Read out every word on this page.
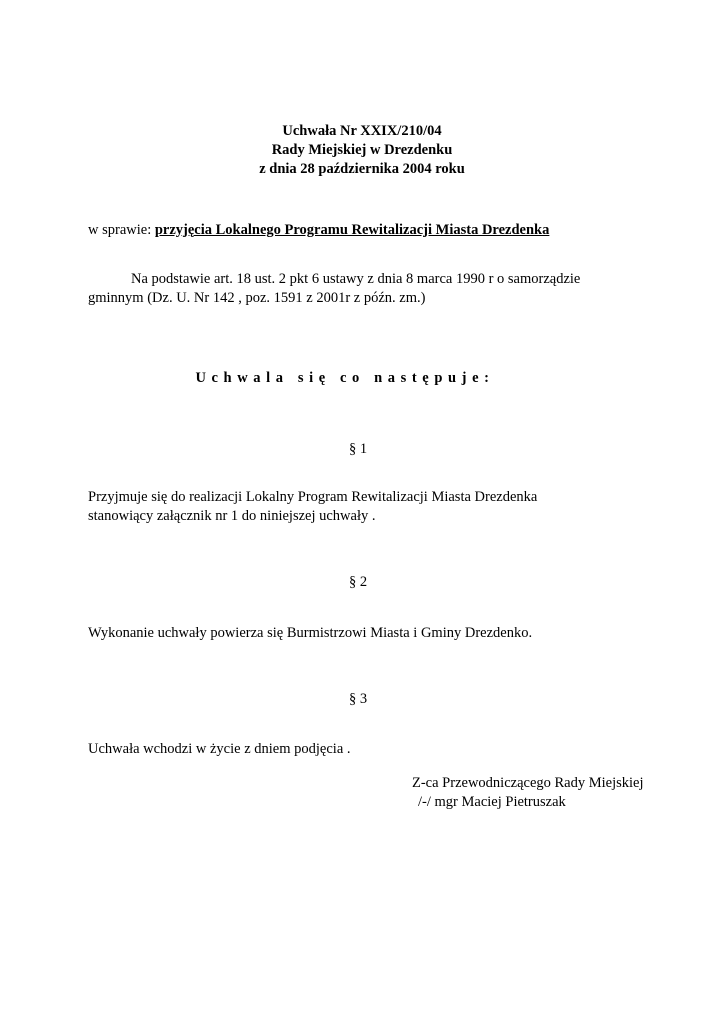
Uchwała Nr XXIX/210/04
Rady Miejskiej w Drezdenku
z dnia 28 października 2004 roku
w sprawie: przyjęcia Lokalnego Programu Rewitalizacji Miasta Drezdenka
Na podstawie art. 18 ust. 2 pkt 6 ustawy z dnia 8 marca 1990 r o samorządzie
gminnym (Dz. U. Nr 142 , poz. 1591 z 2001r z późn. zm.)
Uchwala się co następuje:
§ 1
Przyjmuje się do realizacji Lokalny Program Rewitalizacji Miasta Drezdenka
stanowiący załącznik nr 1 do niniejszej uchwały .
§ 2
Wykonanie uchwały powierza się Burmistrzowi Miasta i Gminy Drezdenko.
§ 3
Uchwała wchodzi w życie z dniem podjęcia .
Z-ca Przewodniczącego Rady Miejskiej
/-/ mgr Maciej Pietruszak
